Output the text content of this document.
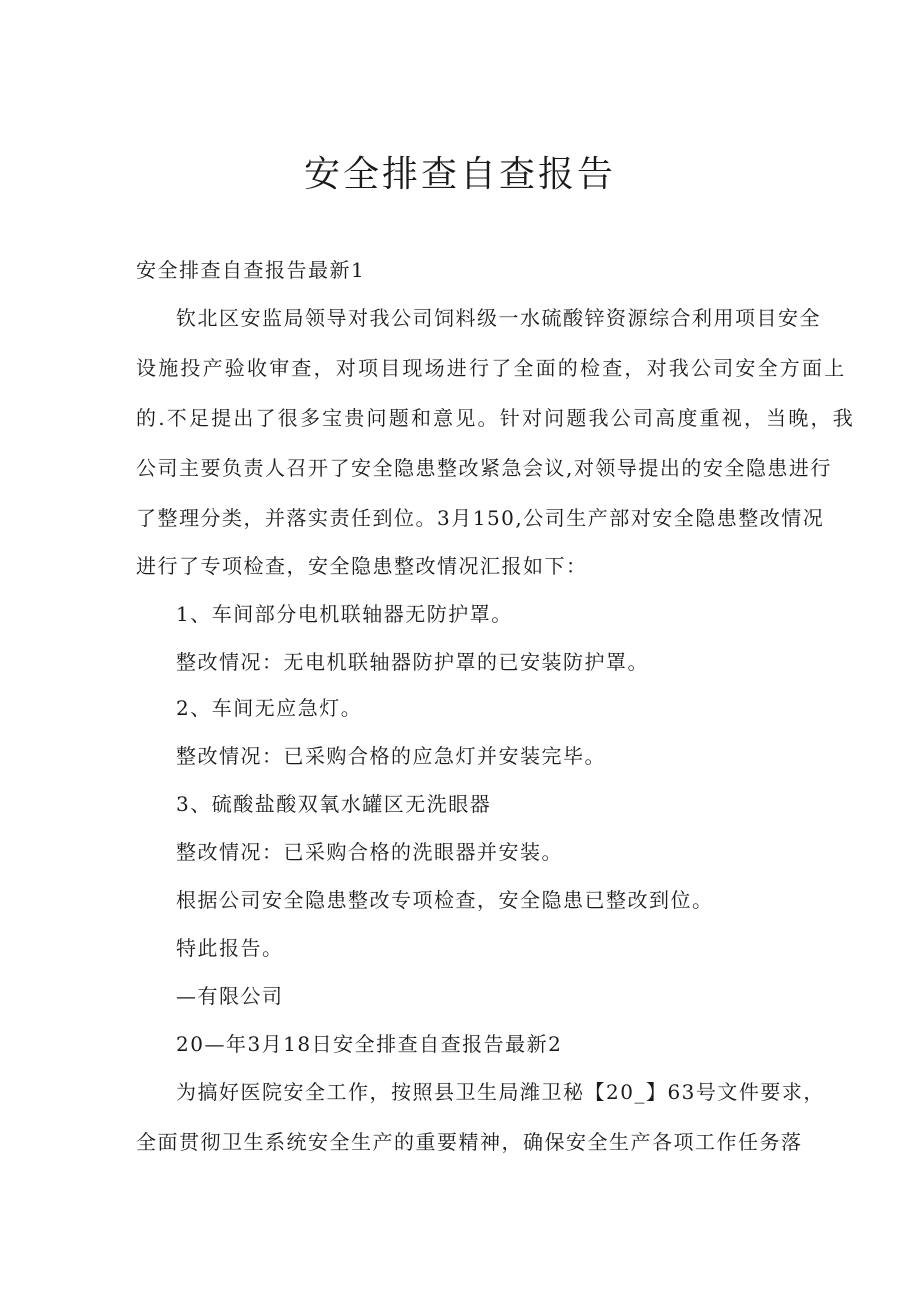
安全排查自查报告
安全排查自查报告最新1
钦北区安监局领导对我公司饲料级一水硫酸锌资源综合利用项目安全
设施投产验收审查，对项目现场进行了全面的检查，对我公司安全方面上
的.不足提出了很多宝贵问题和意见。针对问题我公司高度重视，当晚，我
公司主要负责人召开了安全隐患整改紧急会议,对领导提出的安全隐患进行
了整理分类，并落实责任到位。3月150,公司生产部对安全隐患整改情况
进行了专项检查，安全隐患整改情况汇报如下：
1、车间部分电机联轴器无防护罩。
整改情况：无电机联轴器防护罩的已安装防护罩。
2、车间无应急灯。
整改情况：已采购合格的应急灯并安装完毕。
3、硫酸盐酸双氧水罐区无洗眼器
整改情况：已采购合格的洗眼器并安装。
根据公司安全隐患整改专项检查，安全隐患已整改到位。
特此报告。
—有限公司
20—年3月18日安全排查自查报告最新2
为搞好医院安全工作，按照县卫生局潍卫秘【20_】63号文件要求，
全面贯彻卫生系统安全生产的重要精神，确保安全生产各项工作任务落
